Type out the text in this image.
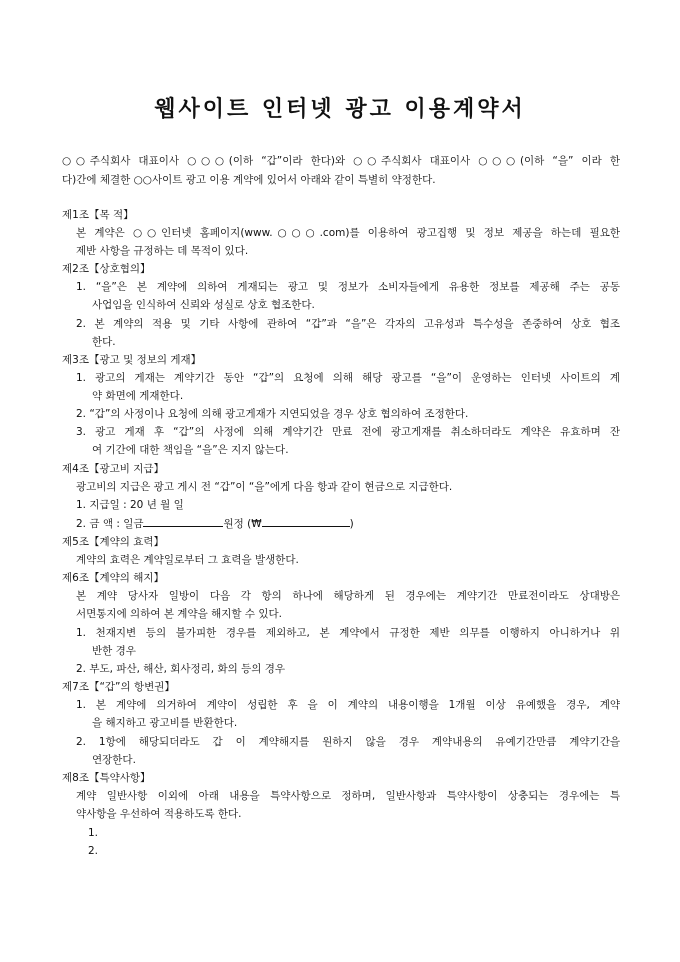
웹사이트 인터넷 광고 이용계약서
○○주식회사 대표이사 ○○○(이하 “갑”이라 한다)와 ○○주식회사 대표이사 ○○○(이하 “을” 이라 한
다)간에 체결한 ○○사이트 광고 이용 계약에 있어서 아래와 같이 특별히 약정한다.
제1조【목 적】
본 계약은 ○○인터넷 홈페이지(www.○○○.com)를 이용하여 광고집행 및 정보 제공을 하는데 필요한
제반 사항을 규정하는 데 목적이 있다.
제2조【상호협의】
1. “을”은 본 계약에 의하여 게재되는 광고 및 정보가 소비자들에게 유용한 정보를 제공해 주는 공동
사업임을 인식하여 신뢰와 성실로 상호 협조한다.
2. 본 계약의 적용 및 기타 사항에 관하여 “갑”과 “을”은 각자의 고유성과 특수성을 존중하여 상호 협조
한다.
제3조【광고 및 정보의 게재】
1. 광고의 게재는 계약기간 동안 “갑”의 요청에 의해 해당 광고를 “을”이 운영하는 인터넷 사이트의 계
약 화면에 게재한다.
2. “갑”의 사정이나 요청에 의해 광고게재가 지연되었을 경우 상호 협의하여 조정한다.
3. 광고 게재 후 “갑”의 사정에 의해 계약기간 만료 전에 광고게재를 취소하더라도 계약은 유효하며 잔
여 기간에 대한 책임을 “을”은 지지 않는다.
제4조【광고비 지급】
광고비의 지급은 광고 게시 전 “갑”이 “을”에게 다음 항과 같이 현금으로 지급한다.
1. 지급일 : 20 년 월 일
2. 금 액 : 일금	원정 (₩	)
제5조【계약의 효력】
계약의 효력은 계약일로부터 그 효력을 발생한다.
제6조【계약의 해지】
본 계약 당사자 일방이 다음 각 항의 하나에 해당하게 된 경우에는 계약기간 만료전이라도 상대방은
서면통지에 의하여 본 계약을 해지할 수 있다.
1. 천재지변 등의 불가피한 경우를 제외하고, 본 계약에서 규정한 제반 의무를 이행하지 아니하거나 위
반한 경우
2. 부도, 파산, 해산, 회사정리, 화의 등의 경우
제7조【“갑”의 항변권】
1. 본 계약에 의거하여 계약이 성립한 후 을 이 계약의 내용이행을 1개월 이상 유예했을 경우, 계약
을 해지하고 광고비를 반환한다.
2. 1항에 해당되더라도 갑 이 계약해지를 원하지 않을 경우 계약내용의 유예기간만큼 계약기간을
연장한다.
제8조【특약사항】
계약 일반사항 이외에 아래 내용을 특약사항으로 정하며, 일반사항과 특약사항이 상충되는 경우에는 특
약사항을 우선하여 적용하도록 한다.
1.
2.
